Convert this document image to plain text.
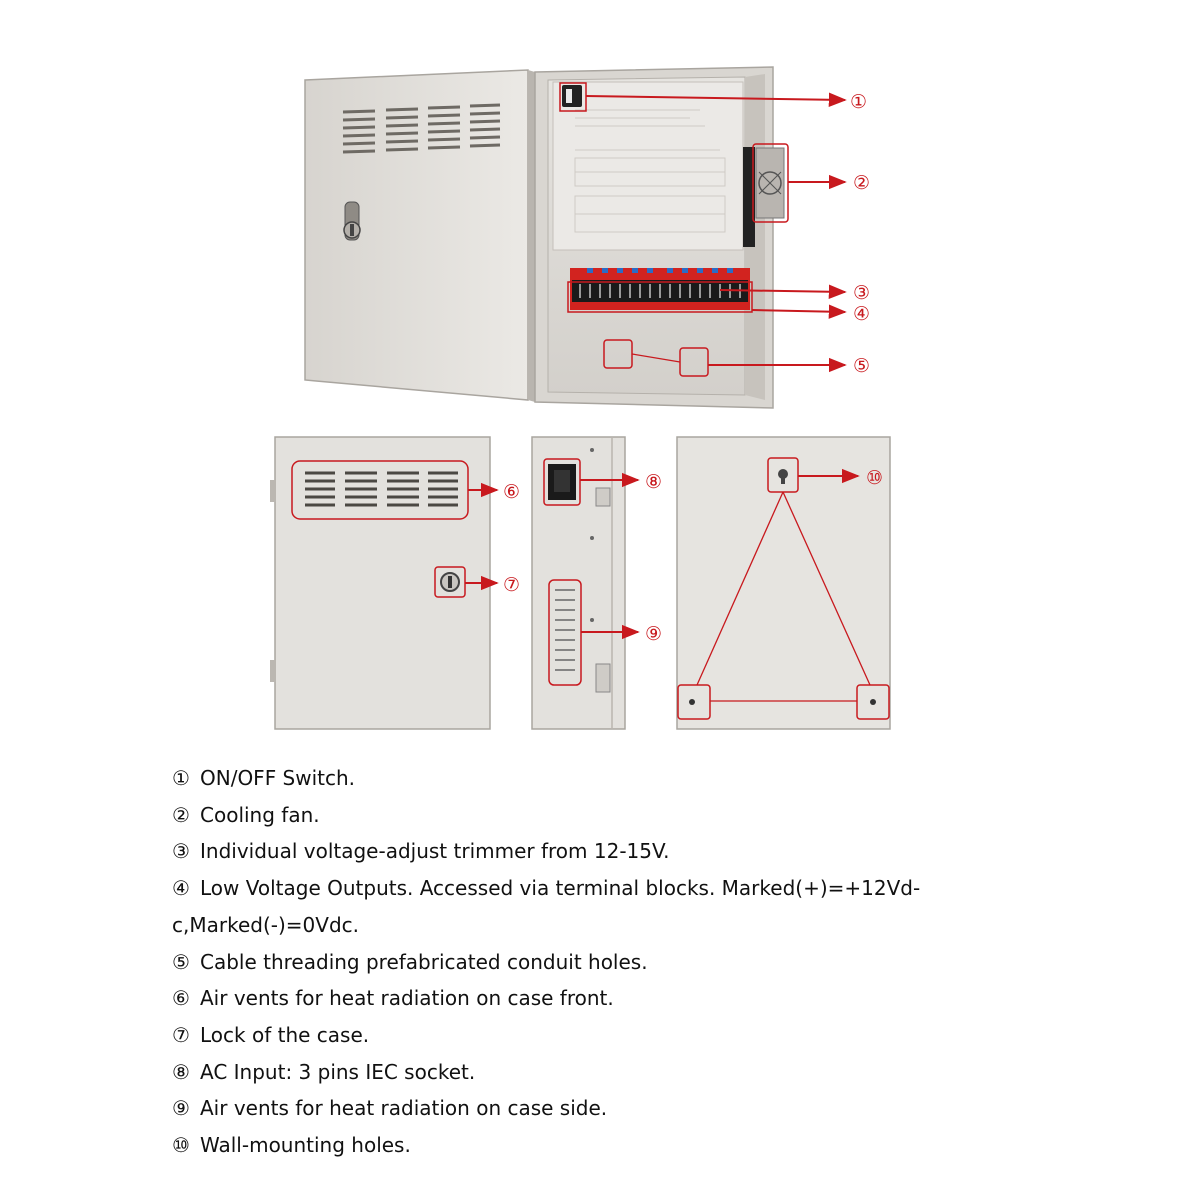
①
②
③
④
⑤
⑥
⑦
⑧
⑨
⑩
① ON/OFF Switch.
② Cooling fan.
③ Individual voltage-adjust trimmer from 12-15V.
④ Low Voltage Outputs. Accessed via terminal blocks. Marked(+)=+12Vd-
c,Marked(-)=0Vdc.
⑤ Cable threading prefabricated conduit holes.
⑥ Air vents for heat radiation on case front.
⑦ Lock of the case.
⑧ AC Input: 3 pins IEC socket.
⑨ Air vents for heat radiation on case side.
⑩ Wall-mounting holes.
